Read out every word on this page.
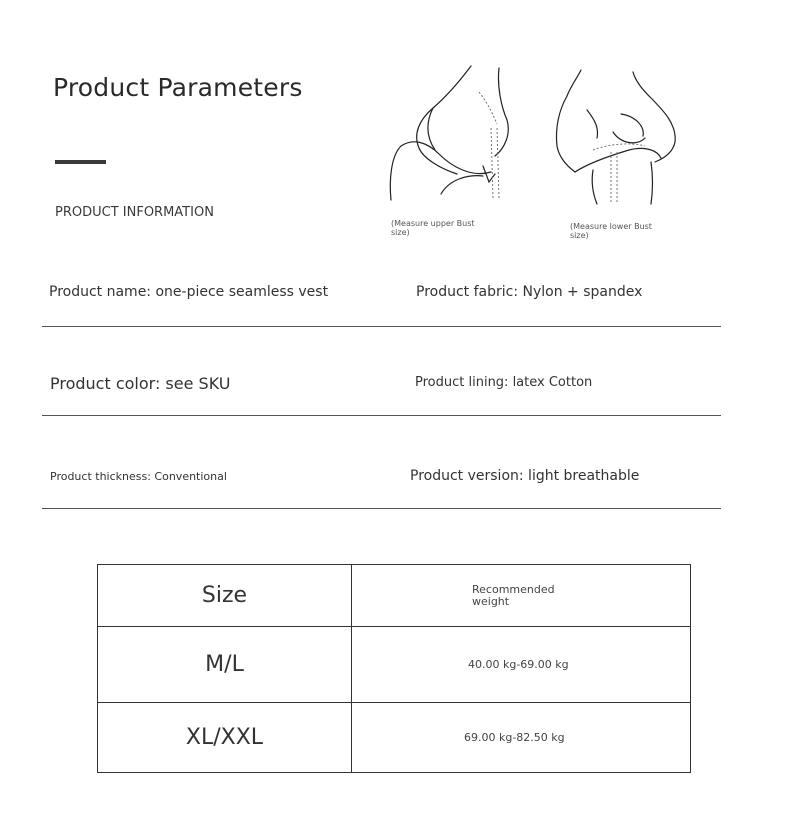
Product Parameters
PRODUCT INFORMATION
(Measure upper Bust size)
(Measure lower Bust size)
Product name: one-piece seamless vest	Product fabric: Nylon + spandex
Product color: see SKU	Product lining: latex Cotton
Product thickness: Conventional	Product version: light breathable
Size	Recommended weight

M/L	40.00 kg-69.00 kg

XL/XXL	69.00 kg-82.50 kg
